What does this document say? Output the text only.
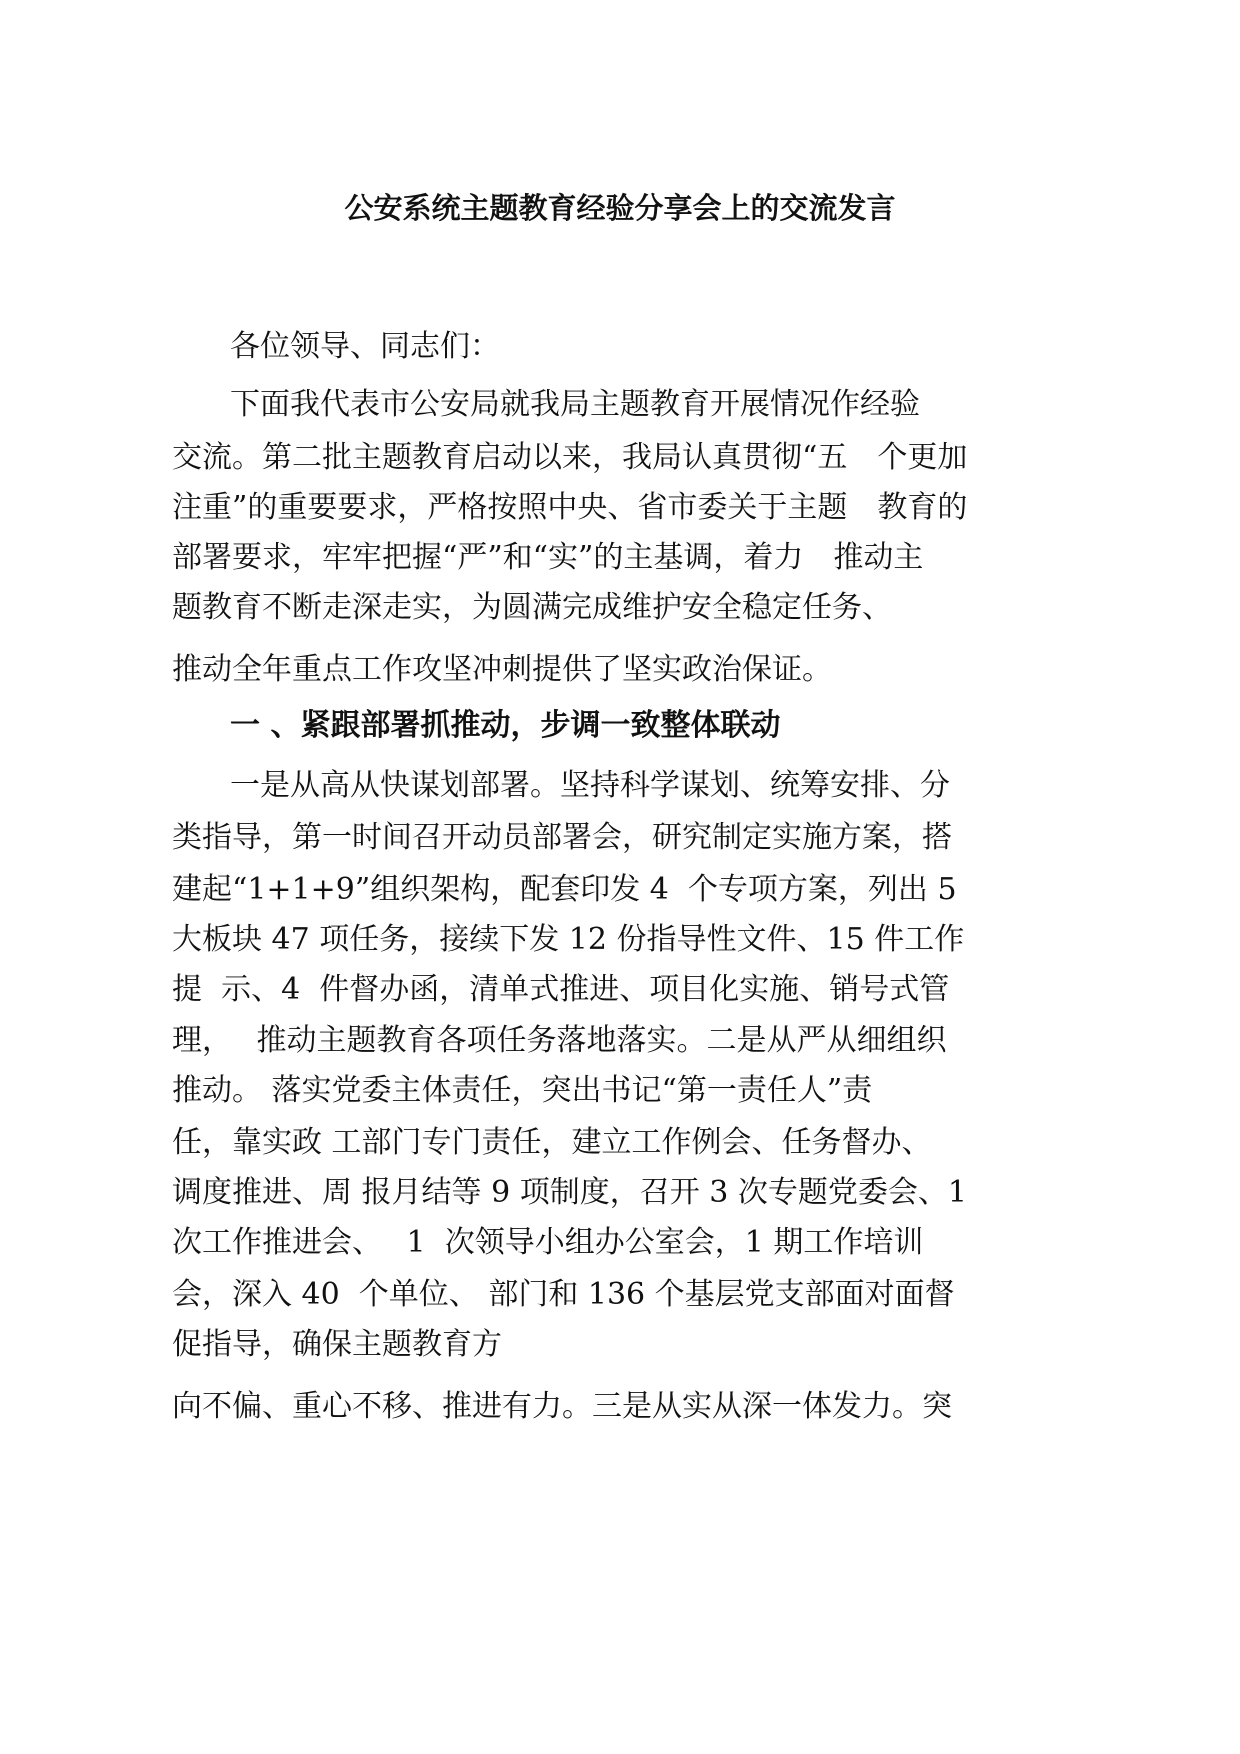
公安系统主题教育经验分享会上的交流发言
各位领导、同志们：
下面我代表市公安局就我局主题教育开展情况作经验
交流。第二批主题教育启动以来，我局认真贯彻“五　个更加
注重”的重要要求，严格按照中央、省市委关于主题　教育的
部署要求，牢牢把握“严”和“实”的主基调，着力　推动主
题教育不断走深走实，为圆满完成维护安全稳定任务、
推动全年重点工作攻坚冲刺提供了坚实政治保证。
一 、紧跟部署抓推动，步调一致整体联动
一是从高从快谋划部署。坚持科学谋划、统筹安排、分
类指导，第一时间召开动员部署会，研究制定实施方案，搭
建起“1+1+9”组织架构，配套印发 4  个专项方案，列出 5
大板块 47 项任务，接续下发 12 份指导性文件、15 件工作
提  示、4  件督办函，清单式推进、项目化实施、销号式管
理，　 推动主题教育各项任务落地落实。二是从严从细组织
推动。 落实党委主体责任，突出书记“第一责任人”责
任，靠实政 工部门专门责任，建立工作例会、任务督办、
调度推进、周 报月结等 9 项制度，召开 3 次专题党委会、1
次工作推进会、　 1  次领导小组办公室会，1 期工作培训
会，深入 40  个单位、 部门和 136 个基层党支部面对面督
促指导，确保主题教育方
向不偏、重心不移、推进有力。三是从实从深一体发力。突
